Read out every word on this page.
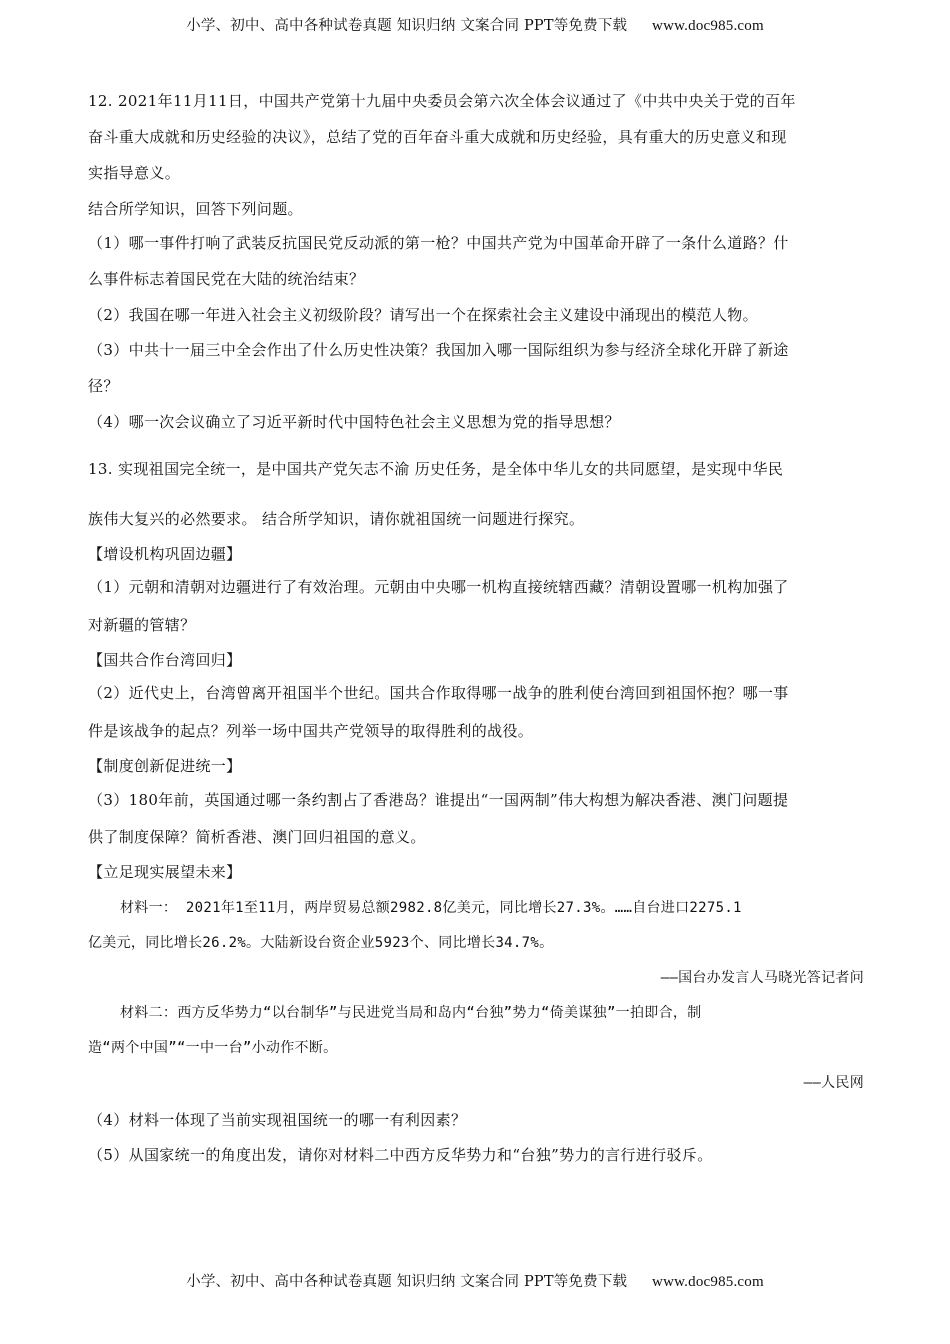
小学、初中、高中各种试卷真题 知识归纳 文案合同 PPT等免费下载 www.doc985.com

12. 2021年11月11日，中国共产党第十九届中央委员会第六次全体会议通过了《中共中央关于党的百年

奋斗重大成就和历史经验的决议》，总结了党的百年奋斗重大成就和历史经验，具有重大的历史意义和现

实指导意义。

结合所学知识，回答下列问题。

（1）哪一事件打响了武装反抗国民党反动派的第一枪？中国共产党为中国革命开辟了一条什么道路？什

么事件标志着国民党在大陆的统治结束？

（2）我国在哪一年进入社会主义初级阶段？请写出一个在探索社会主义建设中涌现出的模范人物。

（3）中共十一届三中全会作出了什么历史性决策？我国加入哪一国际组织为参与经济全球化开辟了新途

径？

（4）哪一次会议确立了习近平新时代中国特色社会主义思想为党的指导思想？

13. 实现祖国完全统一，是中国共产党矢志不渝 历史任务，是全体中华儿女的共同愿望，是实现中华民

族伟大复兴的必然要求。 结合所学知识，请你就祖国统一问题进行探究。

【增设机构巩固边疆】

（1）元朝和清朝对边疆进行了有效治理。元朝由中央哪一机构直接统辖西藏？清朝设置哪一机构加强了

对新疆的管辖？

【国共合作台湾回归】

（2）近代史上，台湾曾离开祖国半个世纪。国共合作取得哪一战争的胜利使台湾回到祖国怀抱？哪一事

件是该战争的起点？列举一场中国共产党领导的取得胜利的战役。

【制度创新促进统一】

（3）180年前，英国通过哪一条约割占了香港岛？谁提出“一国两制”伟大构想为解决香港、澳门问题提

供了制度保障？简析香港、澳门回归祖国的意义。

【立足现实展望未来】

材料一： 2021年1至11月，两岸贸易总额2982.8亿美元，同比增长27.3%。……自台进口2275.1

亿美元，同比增长26.2%。大陆新设台资企业5923个、同比增长34.7%。

——国台办发言人马晓光答记者问

材料二：西方反华势力“以台制华”与民进党当局和岛内“台独”势力“倚美谋独”一拍即合，制

造“两个中国”“一中一台”小动作不断。

——人民网

（4）材料一体现了当前实现祖国统一的哪一有利因素？

（5）从国家统一的角度出发，请你对材料二中西方反华势力和“台独”势力的言行进行驳斥。

小学、初中、高中各种试卷真题 知识归纳 文案合同 PPT等免费下载 www.doc985.com
